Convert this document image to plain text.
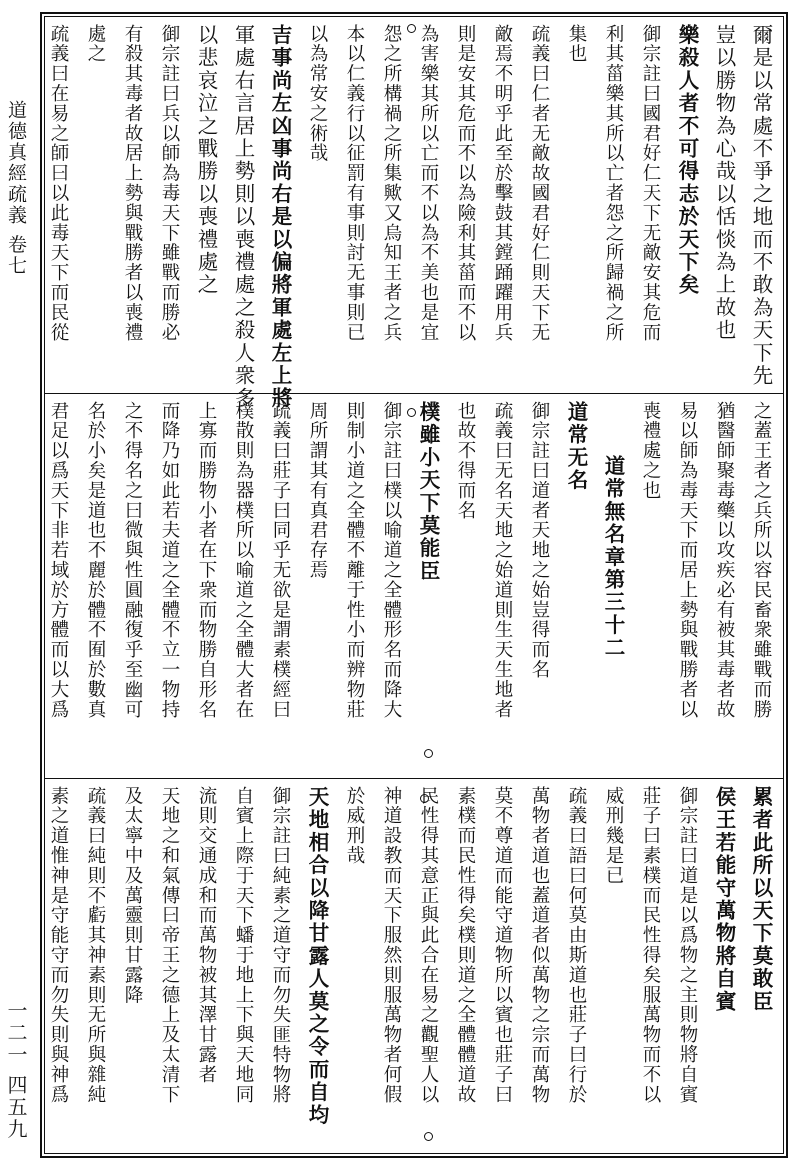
道德真經疏義 卷七
一二一 四五九
爾是以常處不爭之地而不敢為天下先
豈以勝物為心哉以恬惔為上故也
樂殺人者不可得志於天下矣
御宗註曰國君好仁天下无敵安其危而
利其菑樂其所以亡者怨之所歸禍之所
集也
疏義曰仁者无敵故國君好仁則天下无
敵焉不明乎此至於擊鼓其鏜踊躍用兵
則是安其危而不以為險利其菑而不以
為害樂其所以亡而不以為不美也是宜
怨之所構禍之所集歟又烏知王者之兵
本以仁義行以征罰有事則討无事則已
以為常安之術哉
吉事尚左凶事尚右是以偏將軍處左上將
軍處右言居上勢則以喪禮處之殺人衆多
以悲哀泣之戰勝以喪禮處之
御宗註曰兵以師為毒天下雖戰而勝必
有殺其毒者故居上勢與戰勝者以喪禮
處之
疏義曰在易之師曰以此毒天下而民從
之蓋王者之兵所以容民畜衆雖戰而勝
猶醫師聚毒藥以攻疾必有被其毒者故
易以師為毒天下而居上勢與戰勝者以
喪禮處之也
道常無名章第三十二
道常无名
御宗註曰道者天地之始豈得而名
疏義曰无名天地之始道則生天生地者
也故不得而名
樸雖小天下莫能臣
御宗註曰樸以喻道之全體形名而降大
則制小道之全體不離于性小而辨物莊
周所謂其有真君存焉
疏義曰莊子曰同乎无欲是謂素樸經曰
樸散則為器樸所以喻道之全體大者在
上寡而勝物小者在下衆而物勝自形名
而降乃如此若夫道之全體不立一物持
之不得名之曰微與性圓融復乎至幽可
名於小矣是道也不麗於體不囿於數真
君足以爲天下非若域於方體而以大爲
累者此所以天下莫敢臣
侯王若能守萬物將自賓
御宗註曰道是以爲物之主則物將自賓
莊子曰素樸而民性得矣服萬物而不以
威刑幾是已
疏義曰語曰何莫由斯道也莊子曰行於
萬物者道也蓋道者似萬物之宗而萬物
莫不尊道而能守道物所以賓也莊子曰
素樸而民性得矣樸則道之全體體道故
民性得其意正與此合在易之觀聖人以
神道設教而天下服然則服萬物者何假
於威刑哉
天地相合以降甘露人莫之令而自均
御宗註曰純素之道守而勿失匪特物將
自賓上際于天下蟠于地上下與天地同
流則交通成和而萬物被其澤甘露者
天地之和氣傳曰帝王之德上及太清下
及太寧中及萬靈則甘露降
疏義曰純則不虧其神素則无所與雜純
素之道惟神是守能守而勿失則與神爲
